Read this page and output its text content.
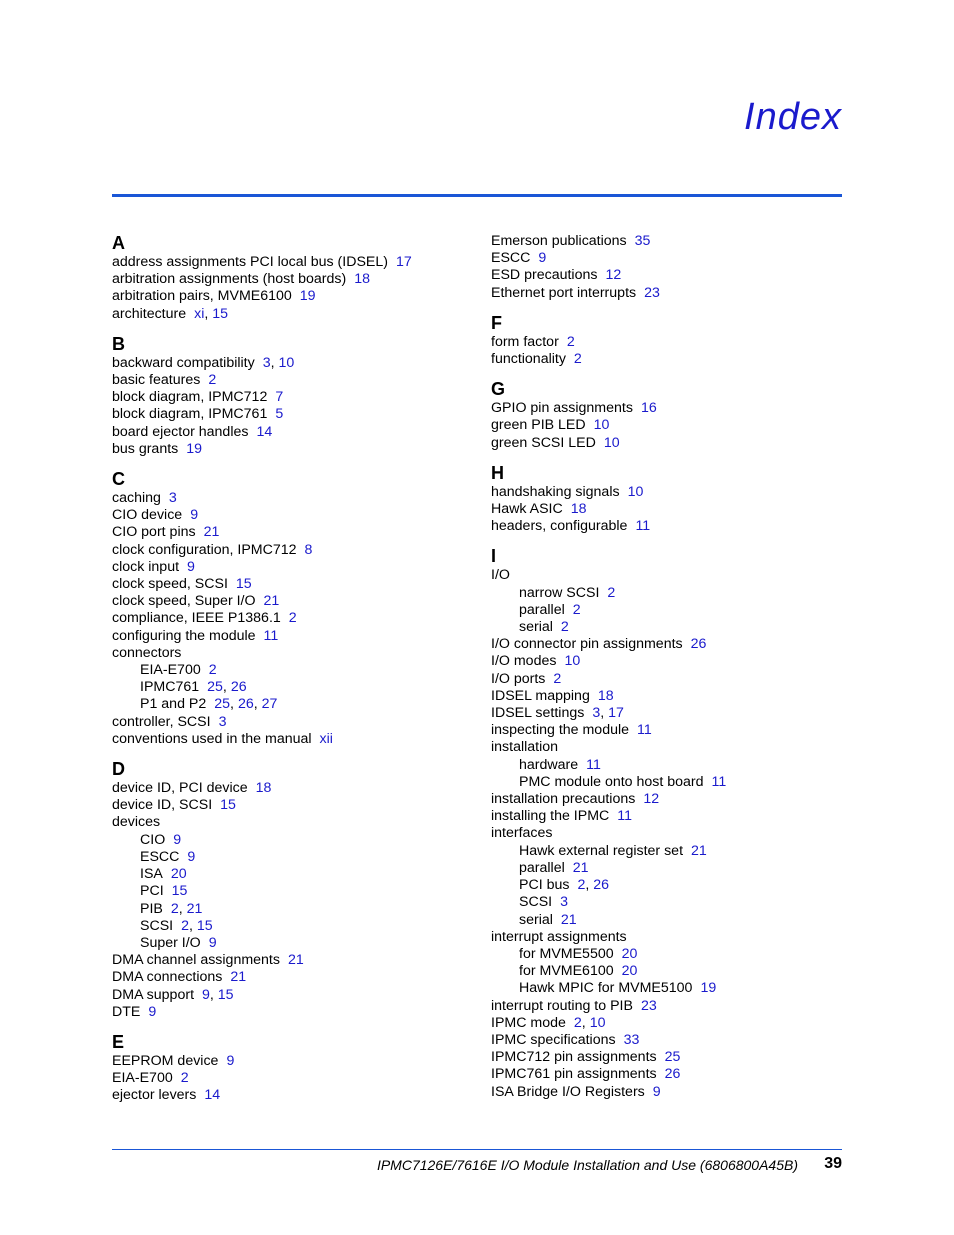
Index
A
address assignments PCI local bus (IDSEL) 17
arbitration assignments (host boards) 18
arbitration pairs, MVME6100 19
architecture xi, 15
B
backward compatibility 3, 10
basic features 2
block diagram, IPMC712 7
block diagram, IPMC761 5
board ejector handles 14
bus grants 19
C
caching 3
CIO device 9
CIO port pins 21
clock configuration, IPMC712 8
clock input 9
clock speed, SCSI 15
clock speed, Super I/O 21
compliance, IEEE P1386.1 2
configuring the module 11
connectors
EIA-E700 2
IPMC761 25, 26
P1 and P2 25, 26, 27
controller, SCSI 3
conventions used in the manual xii
D
device ID, PCI device 18
device ID, SCSI 15
devices
CIO 9
ESCC 9
ISA 20
PCI 15
PIB 2, 21
SCSI 2, 15
Super I/O 9
DMA channel assignments 21
DMA connections 21
DMA support 9, 15
DTE 9
E
EEPROM device 9
EIA-E700 2
ejector levers 14
Emerson publications 35
ESCC 9
ESD precautions 12
Ethernet port interrupts 23
F
form factor 2
functionality 2
G
GPIO pin assignments 16
green PIB LED 10
green SCSI LED 10
H
handshaking signals 10
Hawk ASIC 18
headers, configurable 11
I
I/O
narrow SCSI 2
parallel 2
serial 2
I/O connector pin assignments 26
I/O modes 10
I/O ports 2
IDSEL mapping 18
IDSEL settings 3, 17
inspecting the module 11
installation
hardware 11
PMC module onto host board 11
installation precautions 12
installing the IPMC 11
interfaces
Hawk external register set 21
parallel 21
PCI bus 2, 26
SCSI 3
serial 21
interrupt assignments
for MVME5500 20
for MVME6100 20
Hawk MPIC for MVME5100 19
interrupt routing to PIB 23
IPMC mode 2, 10
IPMC specifications 33
IPMC712 pin assignments 25
IPMC761 pin assignments 26
ISA Bridge I/O Registers 9
IPMC7126E/7616E I/O Module Installation and Use (6806800A45B) 39
